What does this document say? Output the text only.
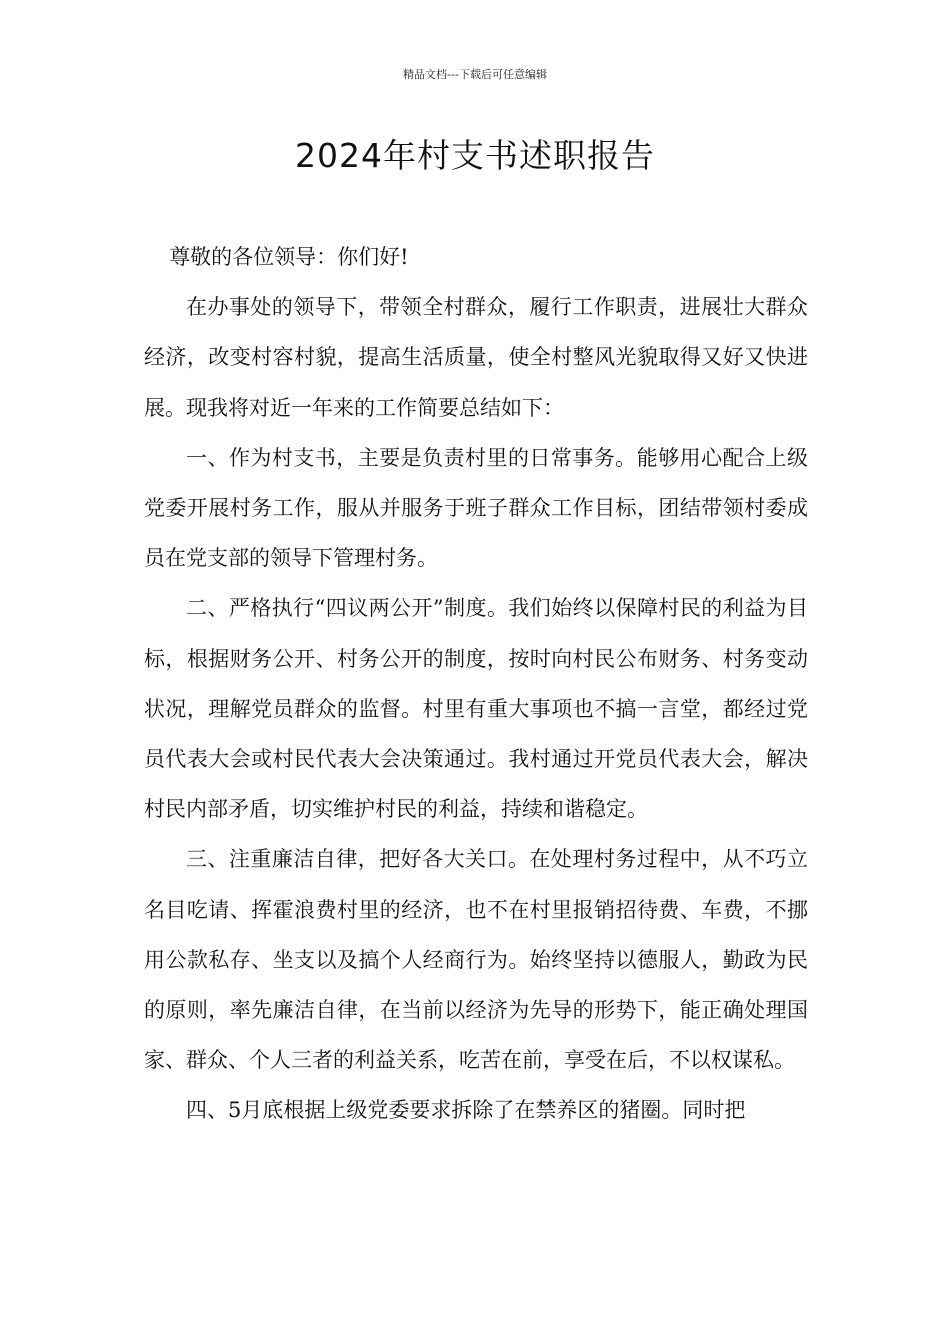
精品文档---下载后可任意编辑
2024年村支书述职报告

尊敬的各位领导：你们好!

在办事处的领导下，带领全村群众，履行工作职责，进展壮大群众经济，改变村容村貌，提高生活质量，使全村整风光貌取得又好又快进展。现我将对近一年来的工作简要总结如下：

一、作为村支书，主要是负责村里的日常事务。能够用心配合上级党委开展村务工作，服从并服务于班子群众工作目标，团结带领村委成员在党支部的领导下管理村务。

二、严格执行“四议两公开”制度。我们始终以保障村民的利益为目标，根据财务公开、村务公开的制度，按时向村民公布财务、村务变动状况，理解党员群众的监督。村里有重大事项也不搞一言堂，都经过党员代表大会或村民代表大会决策通过。我村通过开党员代表大会，解决村民内部矛盾，切实维护村民的利益，持续和谐稳定。

三、注重廉洁自律，把好各大关口。在处理村务过程中，从不巧立名目吃请、挥霍浪费村里的经济，也不在村里报销招待费、车费，不挪用公款私存、坐支以及搞个人经商行为。始终坚持以德服人，勤政为民的原则，率先廉洁自律，在当前以经济为先导的形势下，能正确处理国家、群众、个人三者的利益关系，吃苦在前，享受在后，不以权谋私。

四、5月底根据上级党委要求拆除了在禁养区的猪圈。同时把
